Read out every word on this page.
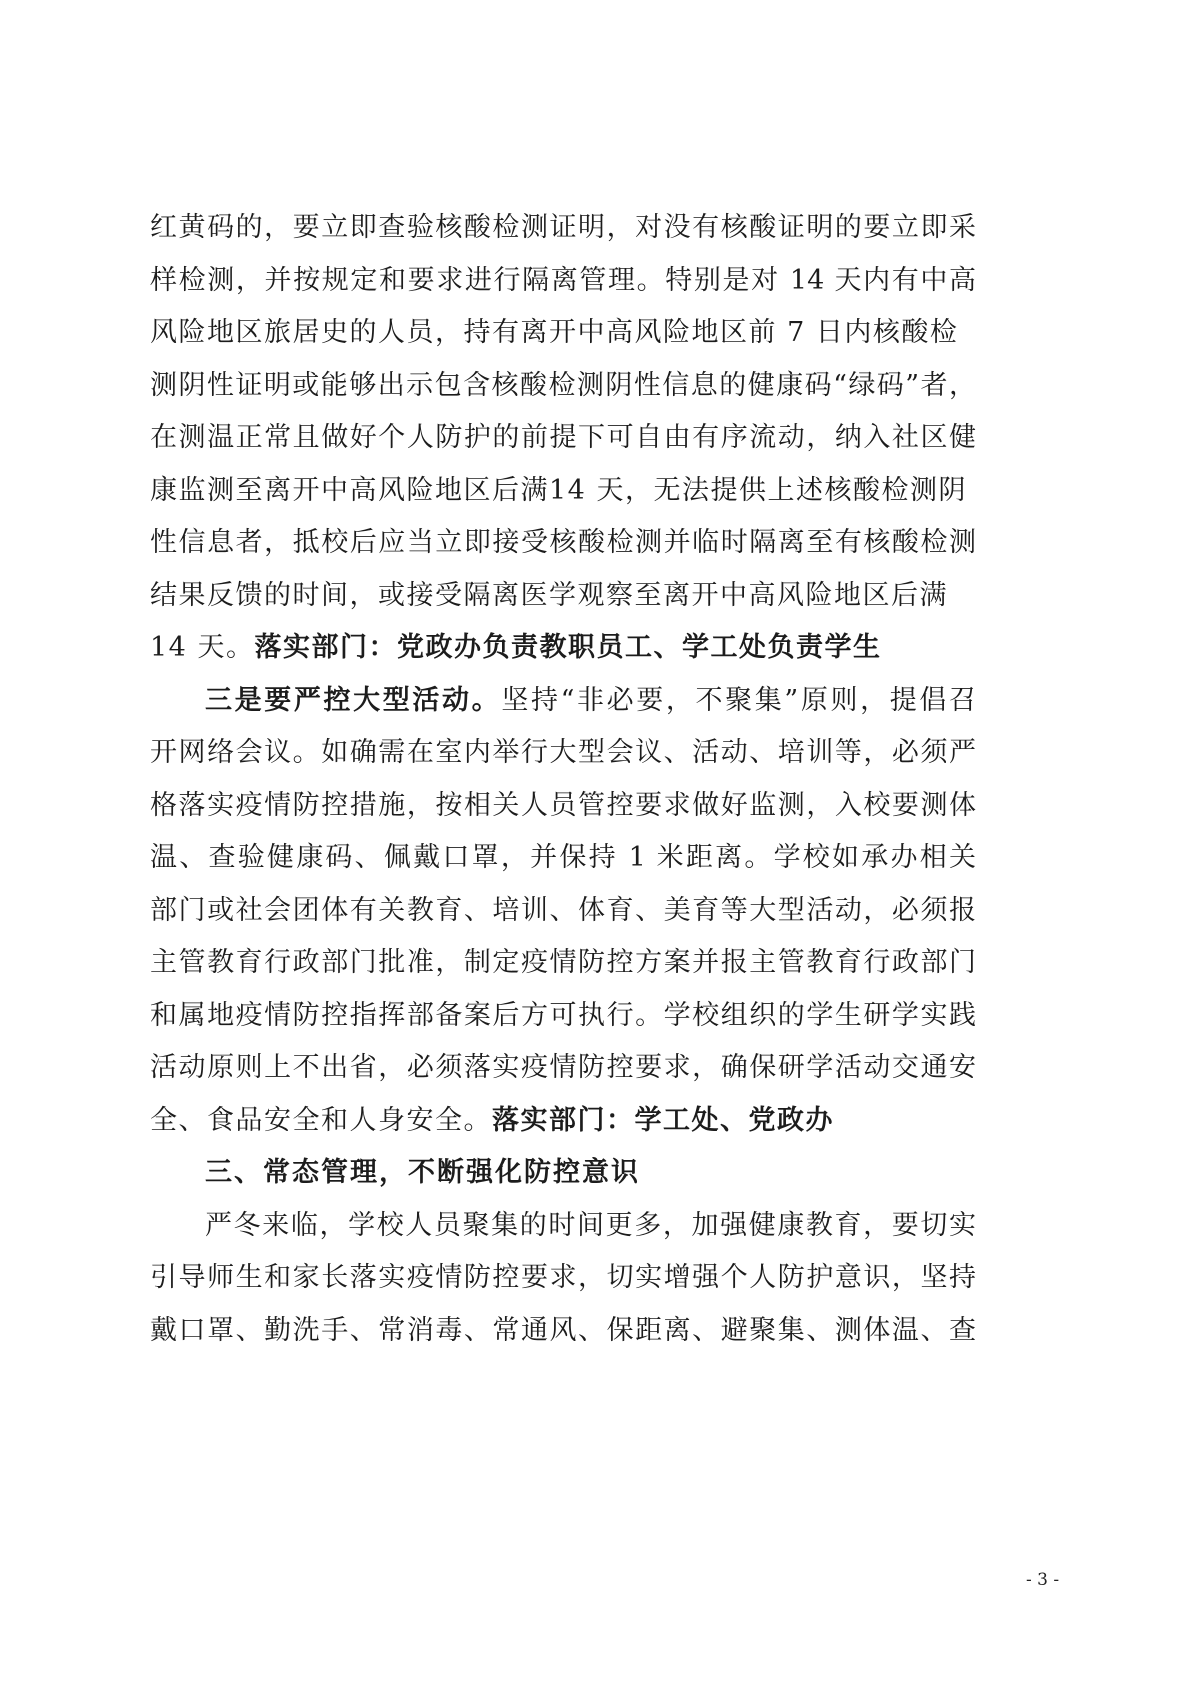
红黄码的，要立即查验核酸检测证明，对没有核酸证明的要立即采
样检测，并按规定和要求进行隔离管理。特别是对 14 天内有中高
风险地区旅居史的人员，持有离开中高风险地区前 7 日内核酸检
测阴性证明或能够出示包含核酸检测阴性信息的健康码“绿码”者，
在测温正常且做好个人防护的前提下可自由有序流动，纳入社区健
康监测至离开中高风险地区后满14 天，无法提供上述核酸检测阴
性信息者，抵校后应当立即接受核酸检测并临时隔离至有核酸检测
结果反馈的时间，或接受隔离医学观察至离开中高风险地区后满
14 天。落实部门：党政办负责教职员工、学工处负责学生
三是要严控大型活动。坚持“非必要，不聚集”原则，提倡召
开网络会议。如确需在室内举行大型会议、活动、培训等，必须严
格落实疫情防控措施，按相关人员管控要求做好监测，入校要测体
温、查验健康码、佩戴口罩，并保持 1 米距离。学校如承办相关
部门或社会团体有关教育、培训、体育、美育等大型活动，必须报
主管教育行政部门批准，制定疫情防控方案并报主管教育行政部门
和属地疫情防控指挥部备案后方可执行。学校组织的学生研学实践
活动原则上不出省，必须落实疫情防控要求，确保研学活动交通安
全、食品安全和人身安全。落实部门：学工处、党政办
三、常态管理，不断强化防控意识
严冬来临，学校人员聚集的时间更多，加强健康教育，要切实
引导师生和家长落实疫情防控要求，切实增强个人防护意识，坚持
戴口罩、勤洗手、常消毒、常通风、保距离、避聚集、测体温、查
- 3 -
